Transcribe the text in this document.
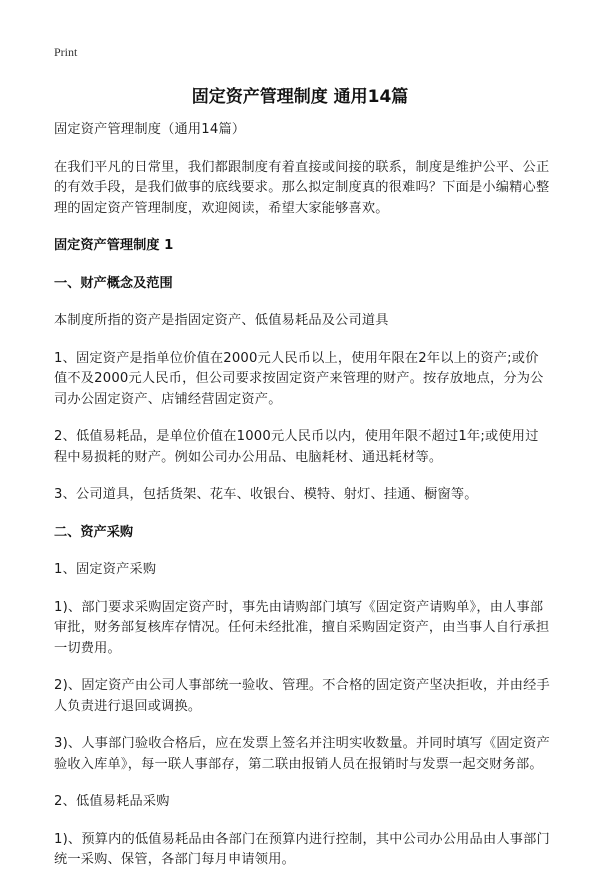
Print
固定资产管理制度 通用14篇

固定资产管理制度（通用14篇）

在我们平凡的日常里，我们都跟制度有着直接或间接的联系，制度是维护公平、公正的有效手段，是我们做事的底线要求。那么拟定制度真的很难吗？下面是小编精心整理的固定资产管理制度，欢迎阅读，希望大家能够喜欢。

固定资产管理制度 1

一、财产概念及范围

本制度所指的资产是指固定资产、低值易耗品及公司道具

1、固定资产是指单位价值在2000元人民币以上，使用年限在2年以上的资产;或价值不及2000元人民币，但公司要求按固定资产来管理的财产。按存放地点，分为公司办公固定资产、店铺经营固定资产。

2、低值易耗品，是单位价值在1000元人民币以内，使用年限不超过1年;或使用过程中易损耗的财产。例如公司办公用品、电脑耗材、通迅耗材等。

3、公司道具，包括货架、花车、收银台、模特、射灯、挂通、橱窗等。

二、资产采购

1、固定资产采购

1)、部门要求采购固定资产时，事先由请购部门填写《固定资产请购单》，由人事部审批，财务部复核库存情况。任何未经批准，擅自采购固定资产，由当事人自行承担一切费用。

2)、固定资产由公司人事部统一验收、管理。不合格的固定资产坚决拒收，并由经手人负责进行退回或调换。

3)、人事部门验收合格后，应在发票上签名并注明实收数量。并同时填写《固定资产验收入库单》，每一联人事部存，第二联由报销人员在报销时与发票一起交财务部。

2、低值易耗品采购

1)、预算内的低值易耗品由各部门在预算内进行控制，其中公司办公用品由人事部门统一采购、保管，各部门每月申请领用。
